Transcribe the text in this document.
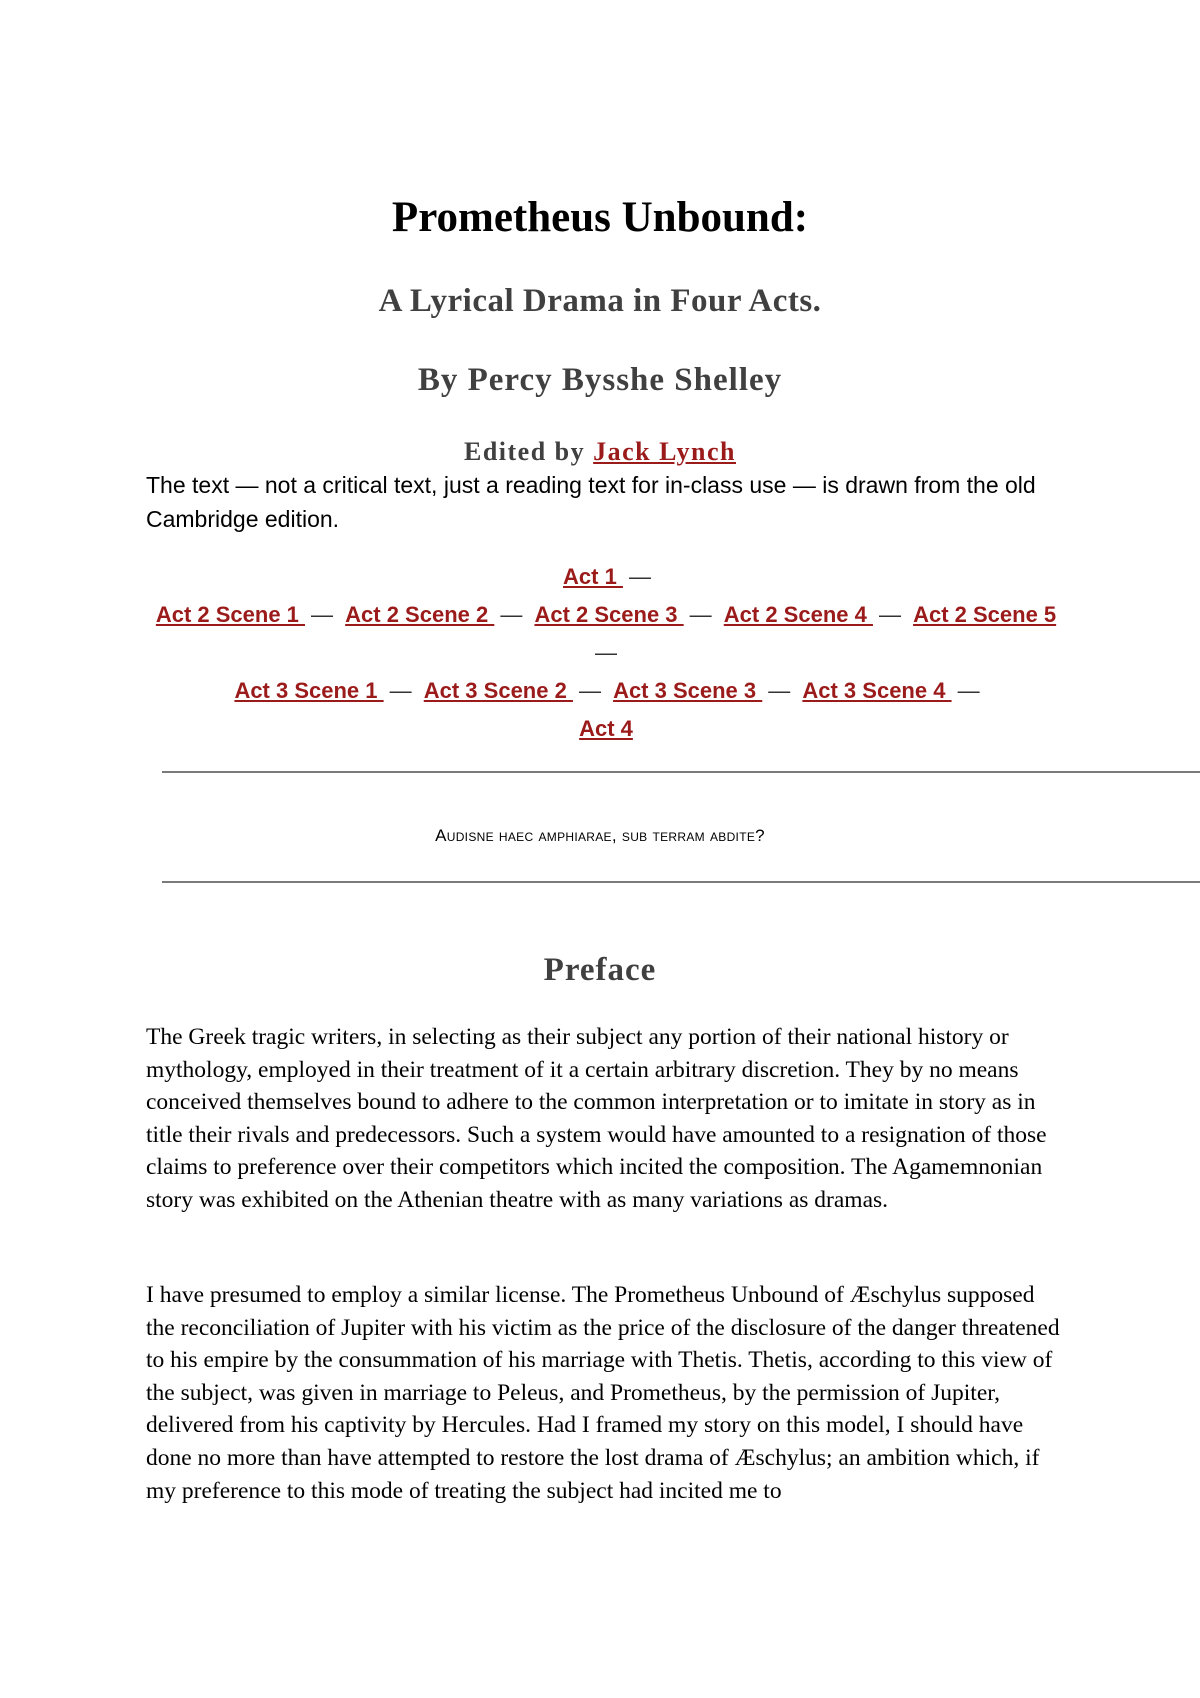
Prometheus Unbound:
A Lyrical Drama in Four Acts.
By Percy Bysshe Shelley

Edited by Jack Lynch

The text — not a critical text, just a reading text for in-class use — is drawn from the old Cambridge edition.

Act 1 —
Act 2 Scene 1 — Act 2 Scene 2 — Act 2 Scene 3 — Act 2 Scene 4 — Act 2 Scene 5 —
Act 3 Scene 1 — Act 3 Scene 2 — Act 3 Scene 3 — Act 3 Scene 4 —
Act 4

Audisne haec amphiarae, sub terram abdite?

Preface

The Greek tragic writers, in selecting as their subject any portion of their national history or mythology, employed in their treatment of it a certain arbitrary discretion. They by no means conceived themselves bound to adhere to the common interpretation or to imitate in story as in title their rivals and predecessors. Such a system would have amounted to a resignation of those claims to preference over their competitors which incited the composition. The Agamemnonian story was exhibited on the Athenian theatre with as many variations as dramas.

I have presumed to employ a similar license. The Prometheus Unbound of Æschylus supposed the reconciliation of Jupiter with his victim as the price of the disclosure of the danger threatened to his empire by the consummation of his marriage with Thetis. Thetis, according to this view of the subject, was given in marriage to Peleus, and Prometheus, by the permission of Jupiter, delivered from his captivity by Hercules. Had I framed my story on this model, I should have done no more than have attempted to restore the lost drama of Æschylus; an ambition which, if my preference to this mode of treating the subject had incited me to
